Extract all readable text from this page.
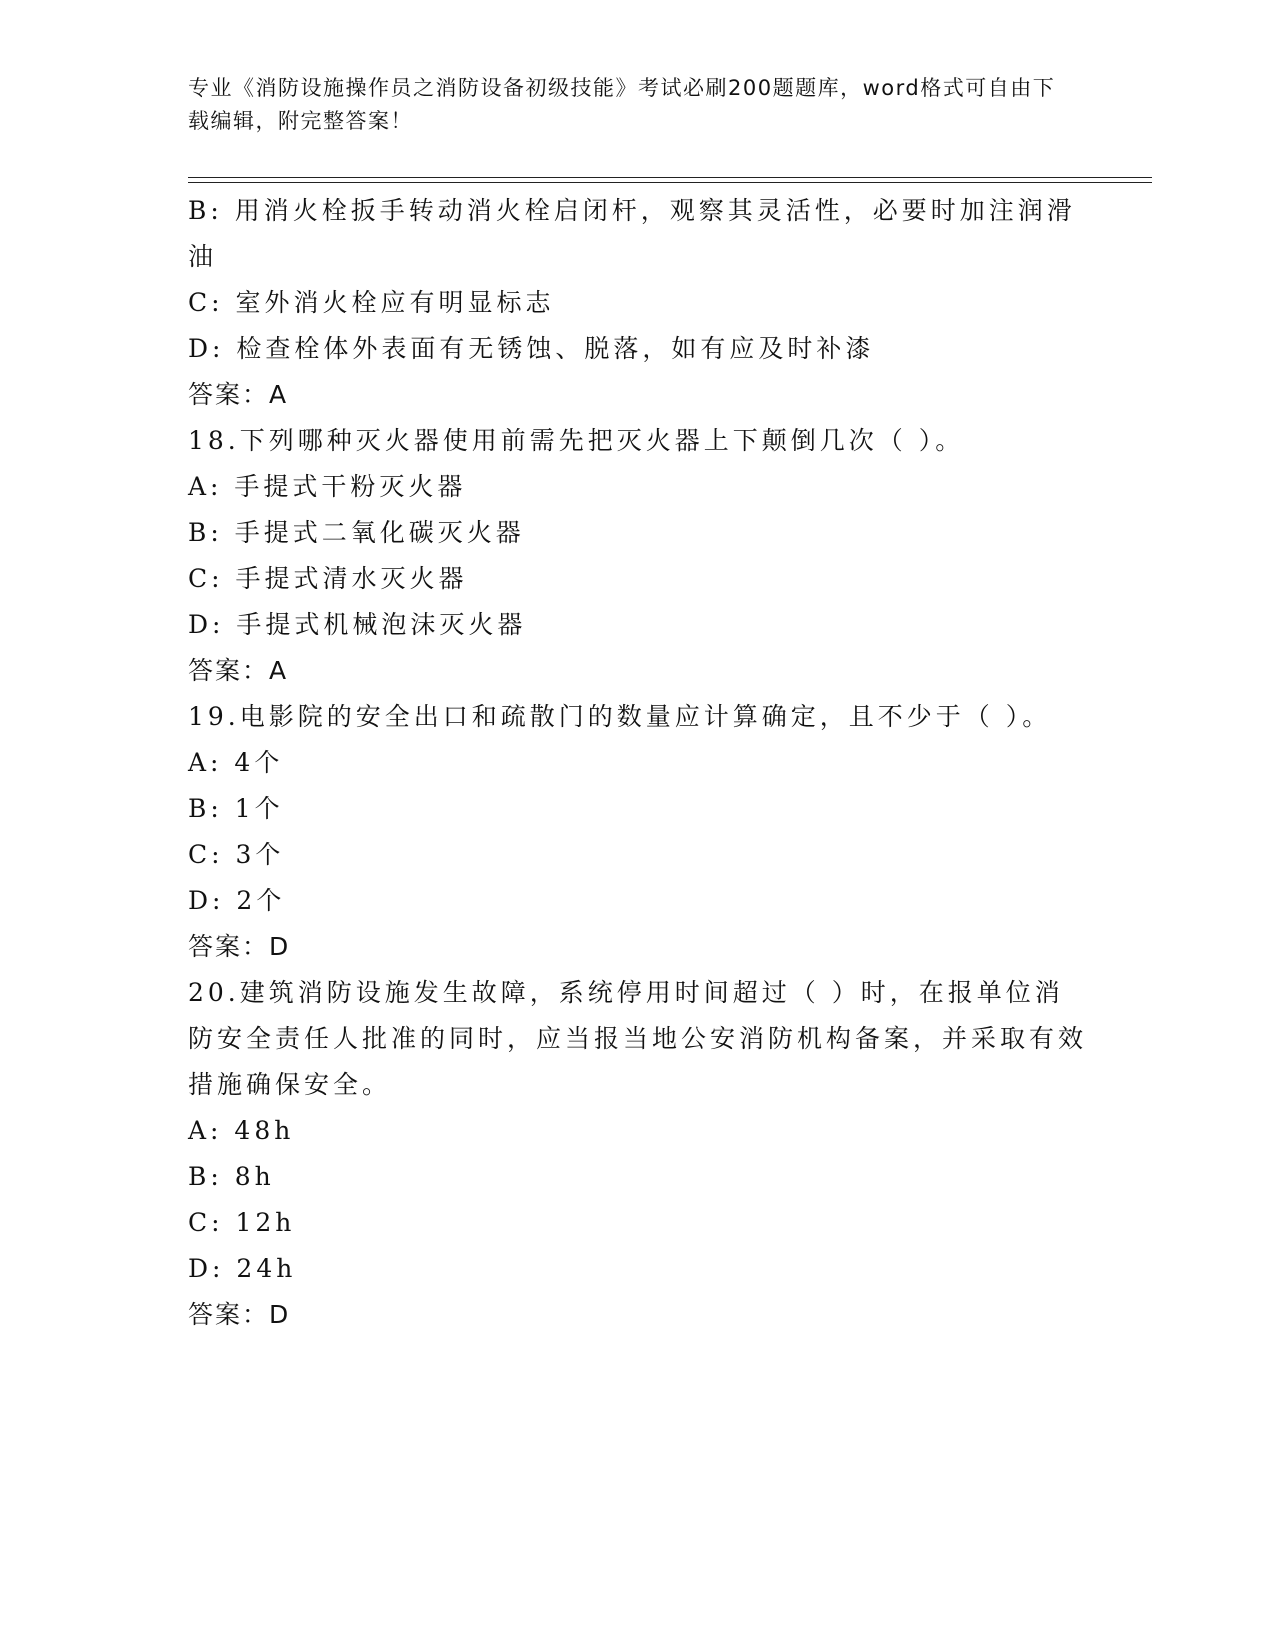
专业《消防设施操作员之消防设备初级技能》考试必刷200题题库，word格式可自由下载编辑，附完整答案！

B: 用消火栓扳手转动消火栓启闭杆，观察其灵活性，必要时加注润滑油

C: 室外消火栓应有明显标志

D: 检查栓体外表面有无锈蚀、脱落，如有应及时补漆

答案：A

18.下列哪种灭火器使用前需先把灭火器上下颠倒几次（ ）。

A: 手提式干粉灭火器

B: 手提式二氧化碳灭火器

C: 手提式清水灭火器

D: 手提式机械泡沫灭火器

答案：A

19.电影院的安全出口和疏散门的数量应计算确定，且不少于（ ）。

A: 4个

B: 1个

C: 3个

D: 2个

答案：D

20.建筑消防设施发生故障，系统停用时间超过（ ）时，在报单位消防安全责任人批准的同时，应当报当地公安消防机构备案，并采取有效措施确保安全。

A: 48h

B: 8h

C: 12h

D: 24h

答案：D
